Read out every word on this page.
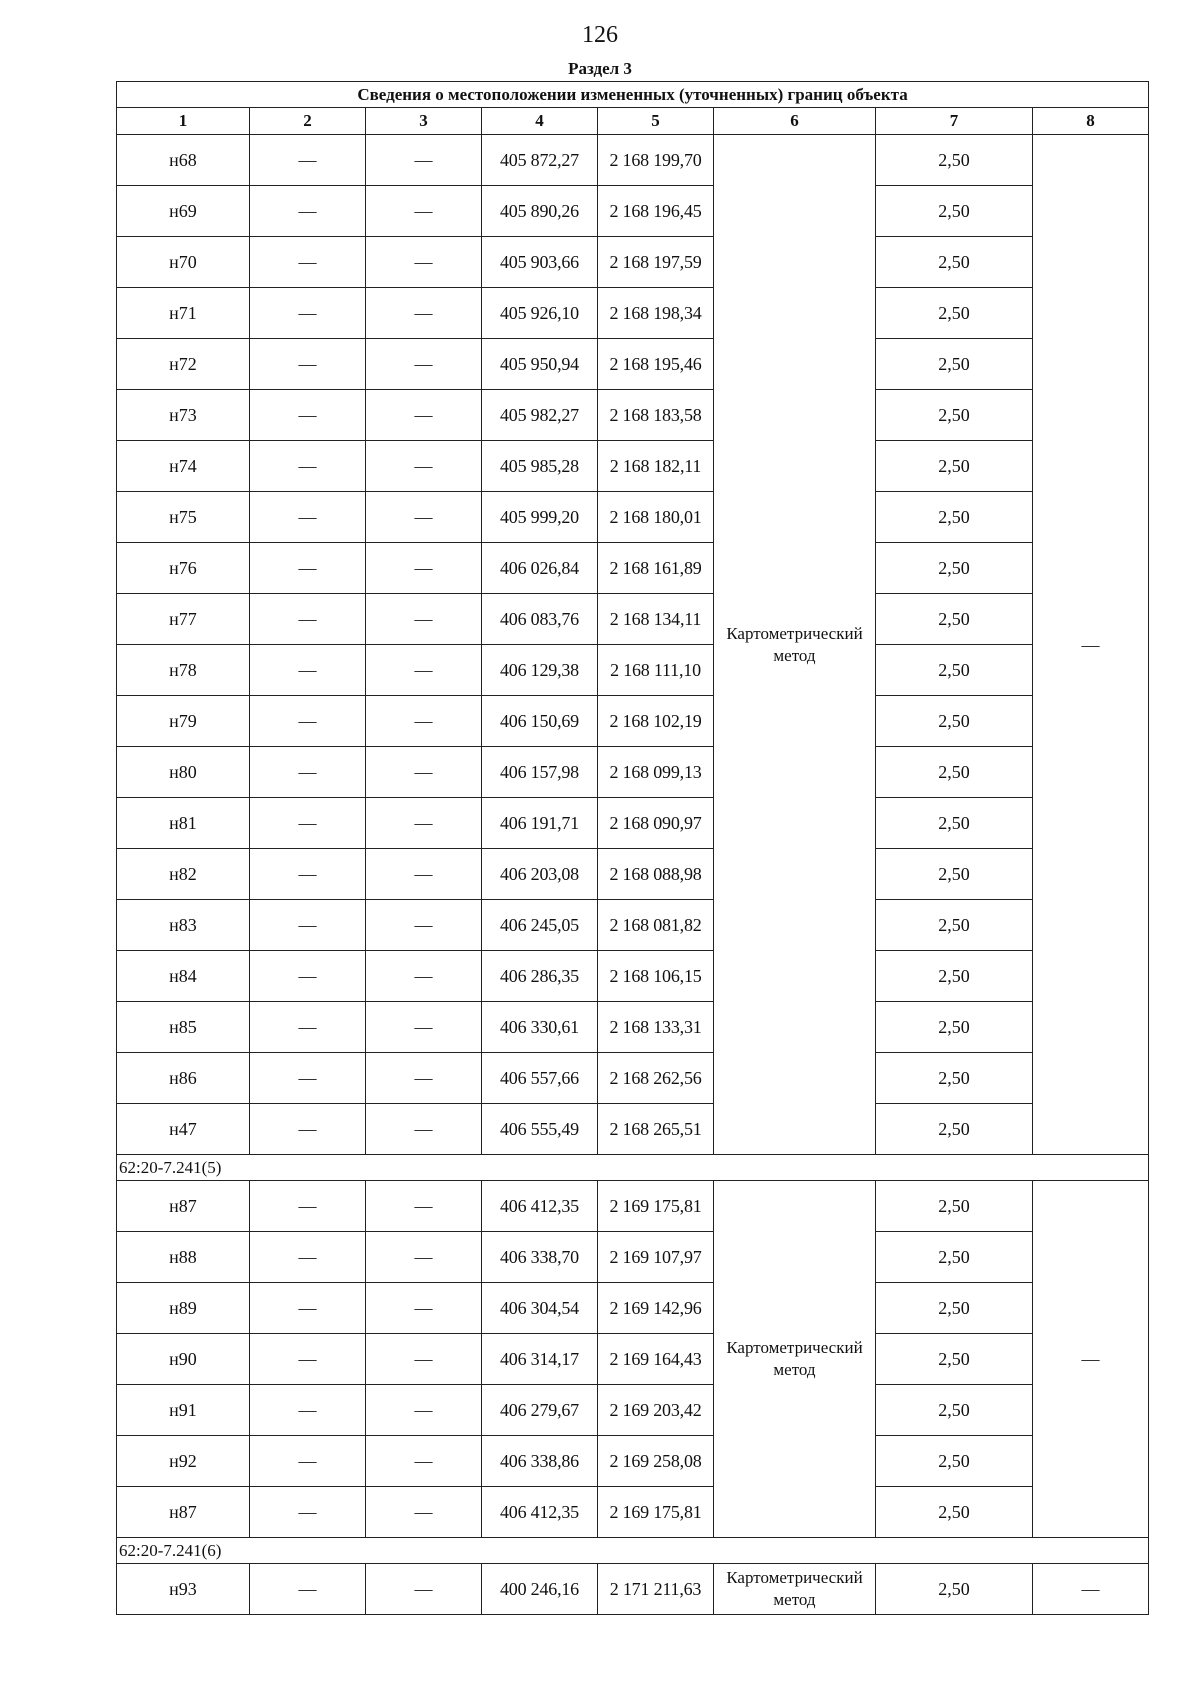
126
Раздел 3
Сведения о местоположении измененных (уточненных) границ объекта							
1	2	3	4	5	6	7	8
н68	—	—	405 872,27	2 168 199,70	Картометрический метод	2,50	—
н69	—	—	405 890,26	2 168 196,45		2,50	
н70	—	—	405 903,66	2 168 197,59		2,50	
н71	—	—	405 926,10	2 168 198,34		2,50	
н72	—	—	405 950,94	2 168 195,46		2,50	
н73	—	—	405 982,27	2 168 183,58		2,50	
н74	—	—	405 985,28	2 168 182,11		2,50	
н75	—	—	405 999,20	2 168 180,01		2,50	
н76	—	—	406 026,84	2 168 161,89		2,50	
н77	—	—	406 083,76	2 168 134,11		2,50	
н78	—	—	406 129,38	2 168 111,10		2,50	
н79	—	—	406 150,69	2 168 102,19		2,50	
н80	—	—	406 157,98	2 168 099,13		2,50	
н81	—	—	406 191,71	2 168 090,97		2,50	
н82	—	—	406 203,08	2 168 088,98		2,50	
н83	—	—	406 245,05	2 168 081,82		2,50	
н84	—	—	406 286,35	2 168 106,15		2,50	
н85	—	—	406 330,61	2 168 133,31		2,50	
н86	—	—	406 557,66	2 168 262,56		2,50	
н47	—	—	406 555,49	2 168 265,51		2,50	
62:20-7.241(5)							
н87	—	—	406 412,35	2 169 175,81	Картометрический метод	2,50	—
н88	—	—	406 338,70	2 169 107,97		2,50	
н89	—	—	406 304,54	2 169 142,96		2,50	
н90	—	—	406 314,17	2 169 164,43		2,50	
н91	—	—	406 279,67	2 169 203,42		2,50	
н92	—	—	406 338,86	2 169 258,08		2,50	
н87	—	—	406 412,35	2 169 175,81		2,50	
62:20-7.241(6)							
н93	—	—	400 246,16	2 171 211,63	Картометрический метод	2,50	—
